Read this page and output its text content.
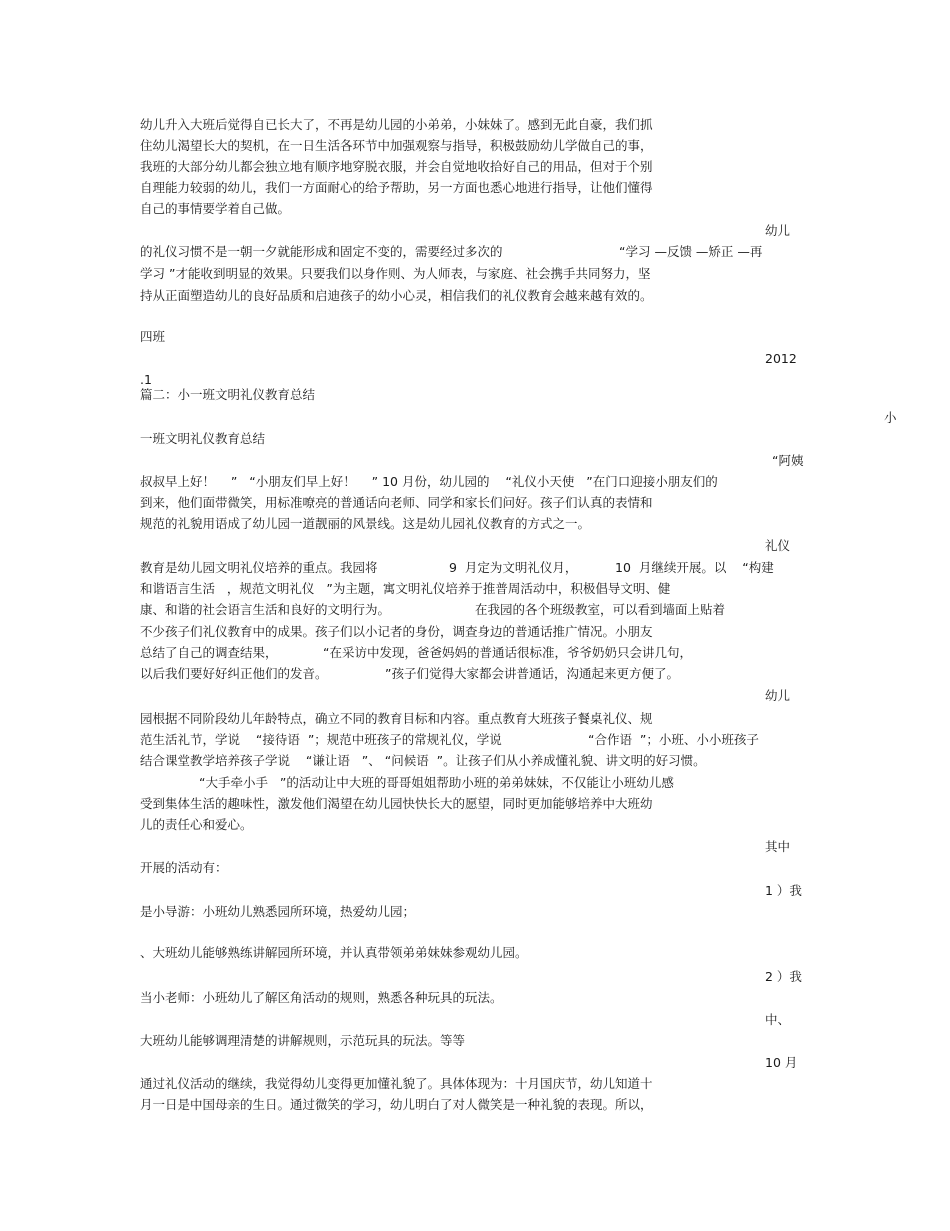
幼儿升入大班后觉得自已长大了，不再是幼儿园的小弟弟，小妹妹了。感到无此自豪，我们抓
住幼儿渴望长大的契机，在一日生活各环节中加强观察与指导，积极鼓励幼儿学做自己的事，
我班的大部分幼儿都会独立地有顺序地穿脱衣服，并会自觉地收拾好自己的用品，但对于个别
自理能力较弱的幼儿，我们一方面耐心的给予帮助，另一方面也悉心地进行指导，让他们懂得
自己的事情要学着自己做。
幼儿
的礼仪习惯不是一朝一夕就能形成和固定不变的，需要经过多次的	“学习 —反馈 —矫正 —再
学习 ”才能收到明显的效果。只要我们以身作则、为人师表，与家庭、社会携手共同努力，坚
持从正面塑造幼儿的良好品质和启迪孩子的幼小心灵，相信我们的礼仪教育会越来越有效的。
四班
2012
.1
篇二：小一班文明礼仪教育总结
小
一班文明礼仪教育总结
“阿姨
叔叔早上好！    ”   “小朋友们早上好！    ” 10 月份，幼儿园的    “礼仪小天使   ”在门口迎接小朋友们的
到来，他们面带微笑，用标准嘹亮的普通话向老师、同学和家长们问好。孩子们认真的表情和
规范的礼貌用语成了幼儿园一道靓丽的风景线。这是幼儿园礼仪教育的方式之一。
礼仪
教育是幼儿园文明礼仪培养的重点。我园将	9  月定为文明礼仪月，	10  月继续开展。以    “构建
和谐语言生活   ，规范文明礼仪   ”为主题，寓文明礼仪培养于推普周活动中，积极倡导文明、健
康、和谐的社会语言生活和良好的文明行为。	在我园的各个班级教室，可以看到墙面上贴着
不少孩子们礼仪教育中的成果。孩子们以小记者的身份，调查身边的普通话推广情况。小朋友
总结了自己的调查结果，	“在采访中发现，爸爸妈妈的普通话很标准，爷爷奶奶只会讲几句，
以后我们要好好纠正他们的发音。	”孩子们觉得大家都会讲普通话，沟通起来更方便了。
幼儿
园根据不同阶段幼儿年龄特点，确立不同的教育目标和内容。重点教育大班孩子餐桌礼仪、规
范生活礼节，学说    “接待语  ”；规范中班孩子的常规礼仪，学说	“合作语  ”；小班、小小班孩子
结合课堂教学培养孩子学说    “谦让语   ”、 “问候语  ”。让孩子们从小养成懂礼貌、讲文明的好习惯。
“大手牵小手   ”的活动让中大班的哥哥姐姐帮助小班的弟弟妹妹，不仅能让小班幼儿感
受到集体生活的趣味性，激发他们渴望在幼儿园快快长大的愿望，同时更加能够培养中大班幼
儿的责任心和爱心。
其中
开展的活动有：
1 ）我
是小导游：小班幼儿熟悉园所环境，热爱幼儿园；
、大班幼儿能够熟练讲解园所环境，并认真带领弟弟妹妹参观幼儿园。
2 ）我
当小老师：小班幼儿了解区角活动的规则，熟悉各种玩具的玩法。
中、
大班幼儿能够调理清楚的讲解规则，示范玩具的玩法。等等
10 月
通过礼仪活动的继续，我觉得幼儿变得更加懂礼貌了。具体体现为：十月国庆节，幼儿知道十
月一日是中国母亲的生日。通过微笑的学习，幼儿明白了对人微笑是一种礼貌的表现。所以，
